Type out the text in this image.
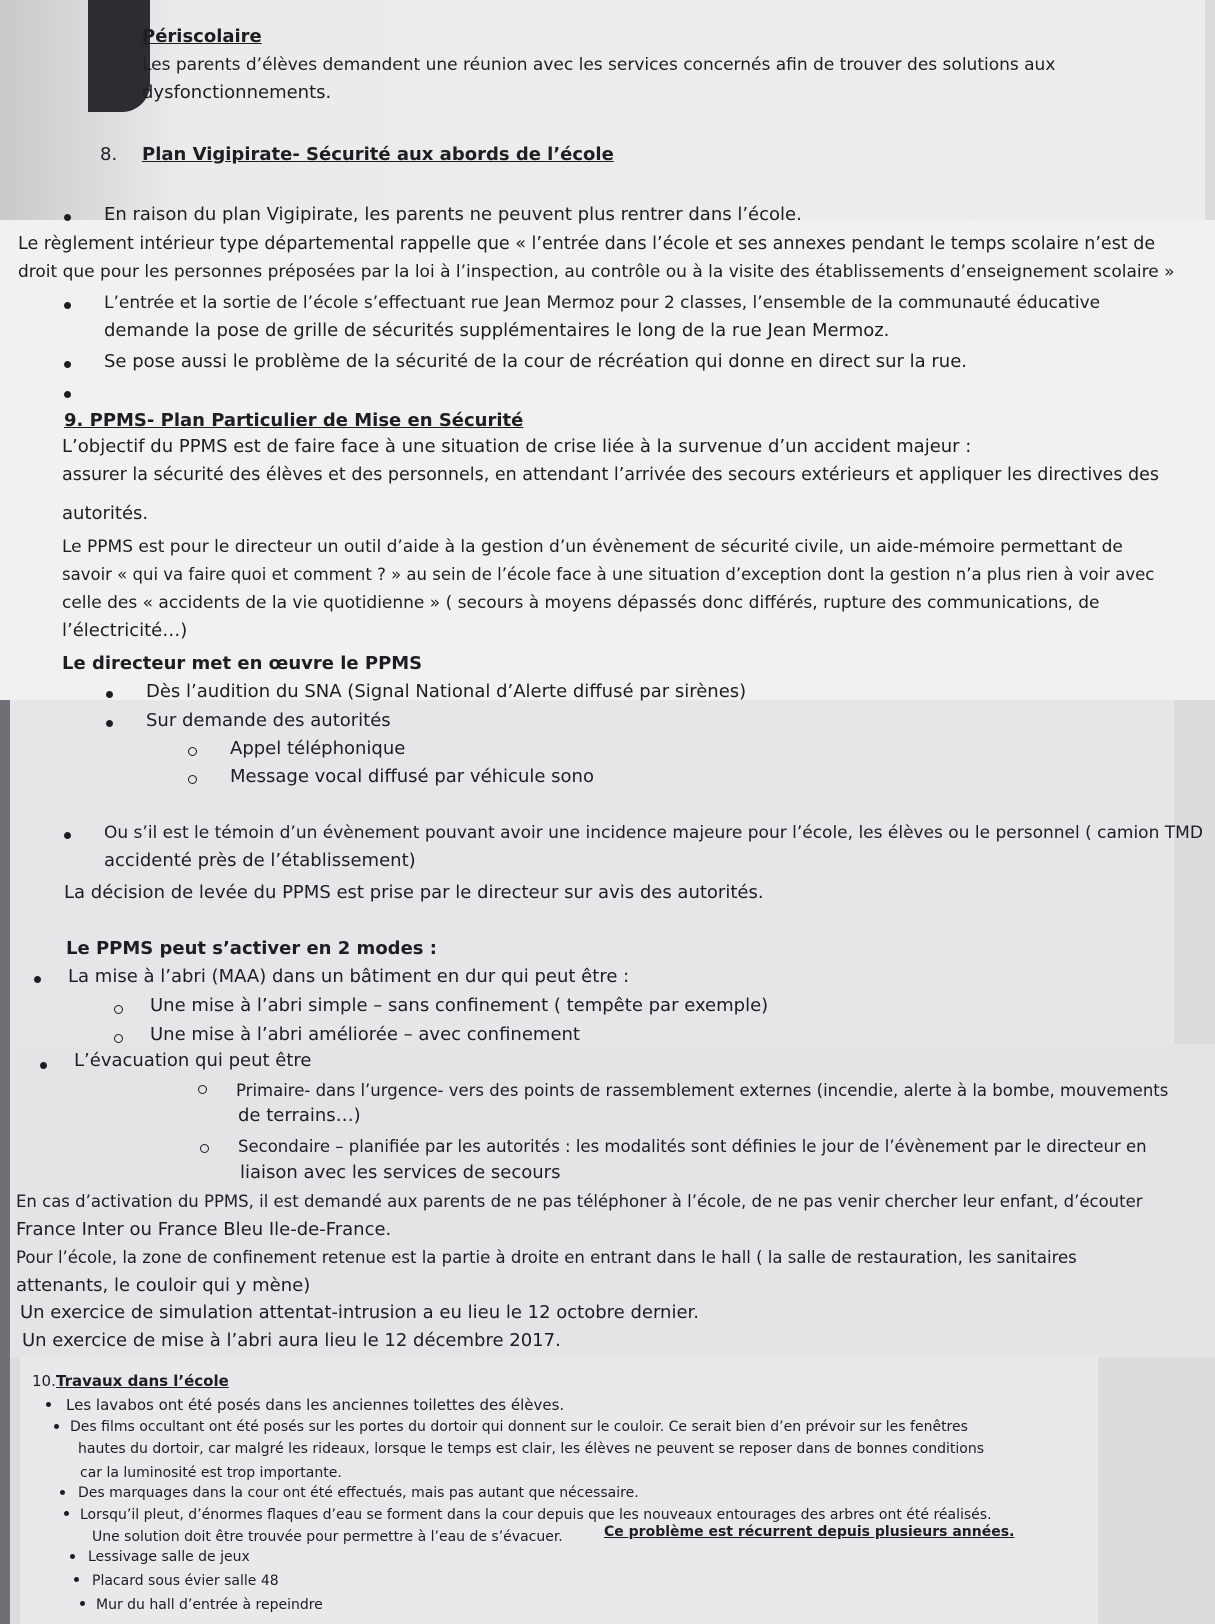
Périscolaire
Les parents d’élèves demandent une réunion avec les services concernés afin de trouver des solutions aux
dysfonctionnements.
8. Plan Vigipirate- Sécurité aux abords de l’école
En raison du plan Vigipirate, les parents ne peuvent plus rentrer dans l’école.
Le règlement intérieur type départemental rappelle que « l’entrée dans l’école et ses annexes pendant le temps scolaire n’est de
droit que pour les personnes préposées par la loi à l’inspection, au contrôle ou à la visite des établissements d’enseignement scolaire »
L’entrée et la sortie de l’école s’effectuant rue Jean Mermoz pour 2 classes, l’ensemble de la communauté éducative
demande la pose de grille de sécurités supplémentaires le long de la rue Jean Mermoz.
Se pose aussi le problème de la sécurité de la cour de récréation qui donne en direct sur la rue.
9. PPMS- Plan Particulier de Mise en Sécurité
L’objectif du PPMS est de faire face à une situation de crise liée à la survenue d’un accident majeur :
assurer la sécurité des élèves et des personnels, en attendant l’arrivée des secours extérieurs et appliquer les directives des
autorités.
Le PPMS est pour le directeur un outil d’aide à la gestion d’un évènement de sécurité civile, un aide-mémoire permettant de
savoir « qui va faire quoi et comment ? » au sein de l’école face à une situation d’exception dont la gestion n’a plus rien à voir avec
celle des « accidents de la vie quotidienne » ( secours à moyens dépassés donc différés, rupture des communications, de
l’électricité…)
Le directeur met en œuvre le PPMS
Dès l’audition du SNA (Signal National d’Alerte diffusé par sirènes)
Sur demande des autorités
Appel téléphonique
Message vocal diffusé par véhicule sono
Ou s’il est le témoin d’un évènement pouvant avoir une incidence majeure pour l’école, les élèves ou le personnel ( camion TMD
accidenté près de l’établissement)
La décision de levée du PPMS est prise par le directeur sur avis des autorités.
Le PPMS peut s’activer en 2 modes :
La mise à l’abri (MAA) dans un bâtiment en dur qui peut être :
Une mise à l’abri simple – sans confinement ( tempête par exemple)
Une mise à l’abri améliorée – avec confinement
L’évacuation qui peut être
Primaire- dans l’urgence- vers des points de rassemblement externes (incendie, alerte à la bombe, mouvements
de terrains…)
Secondaire – planifiée par les autorités : les modalités sont définies le jour de l’évènement par le directeur en
liaison avec les services de secours
En cas d’activation du PPMS, il est demandé aux parents de ne pas téléphoner à l’école, de ne pas venir chercher leur enfant, d’écouter
France Inter ou France Bleu Ile-de-France.
Pour l’école, la zone de confinement retenue est la partie à droite en entrant dans le hall ( la salle de restauration, les sanitaires
attenants, le couloir qui y mène)
Un exercice de simulation attentat-intrusion a eu lieu le 12 octobre dernier.
Un exercice de mise à l’abri aura lieu le 12 décembre 2017.
10. Travaux dans l’école
Les lavabos ont été posés dans les anciennes toilettes des élèves.
Des films occultant ont été posés sur les portes du dortoir qui donnent sur le couloir. Ce serait bien d’en prévoir sur les fenêtres
hautes du dortoir, car malgré les rideaux, lorsque le temps est clair, les élèves ne peuvent se reposer dans de bonnes conditions
car la luminosité est trop importante.
Des marquages dans la cour ont été effectués, mais pas autant que nécessaire.
Lorsqu’il pleut, d’énormes flaques d’eau se forment dans la cour depuis que les nouveaux entourages des arbres ont été réalisés.
Une solution doit être trouvée pour permettre à l’eau de s’évacuer.	Ce problème est récurrent depuis plusieurs années.
Lessivage salle de jeux
Placard sous évier salle 48
Mur du hall d’entrée à repeindre
